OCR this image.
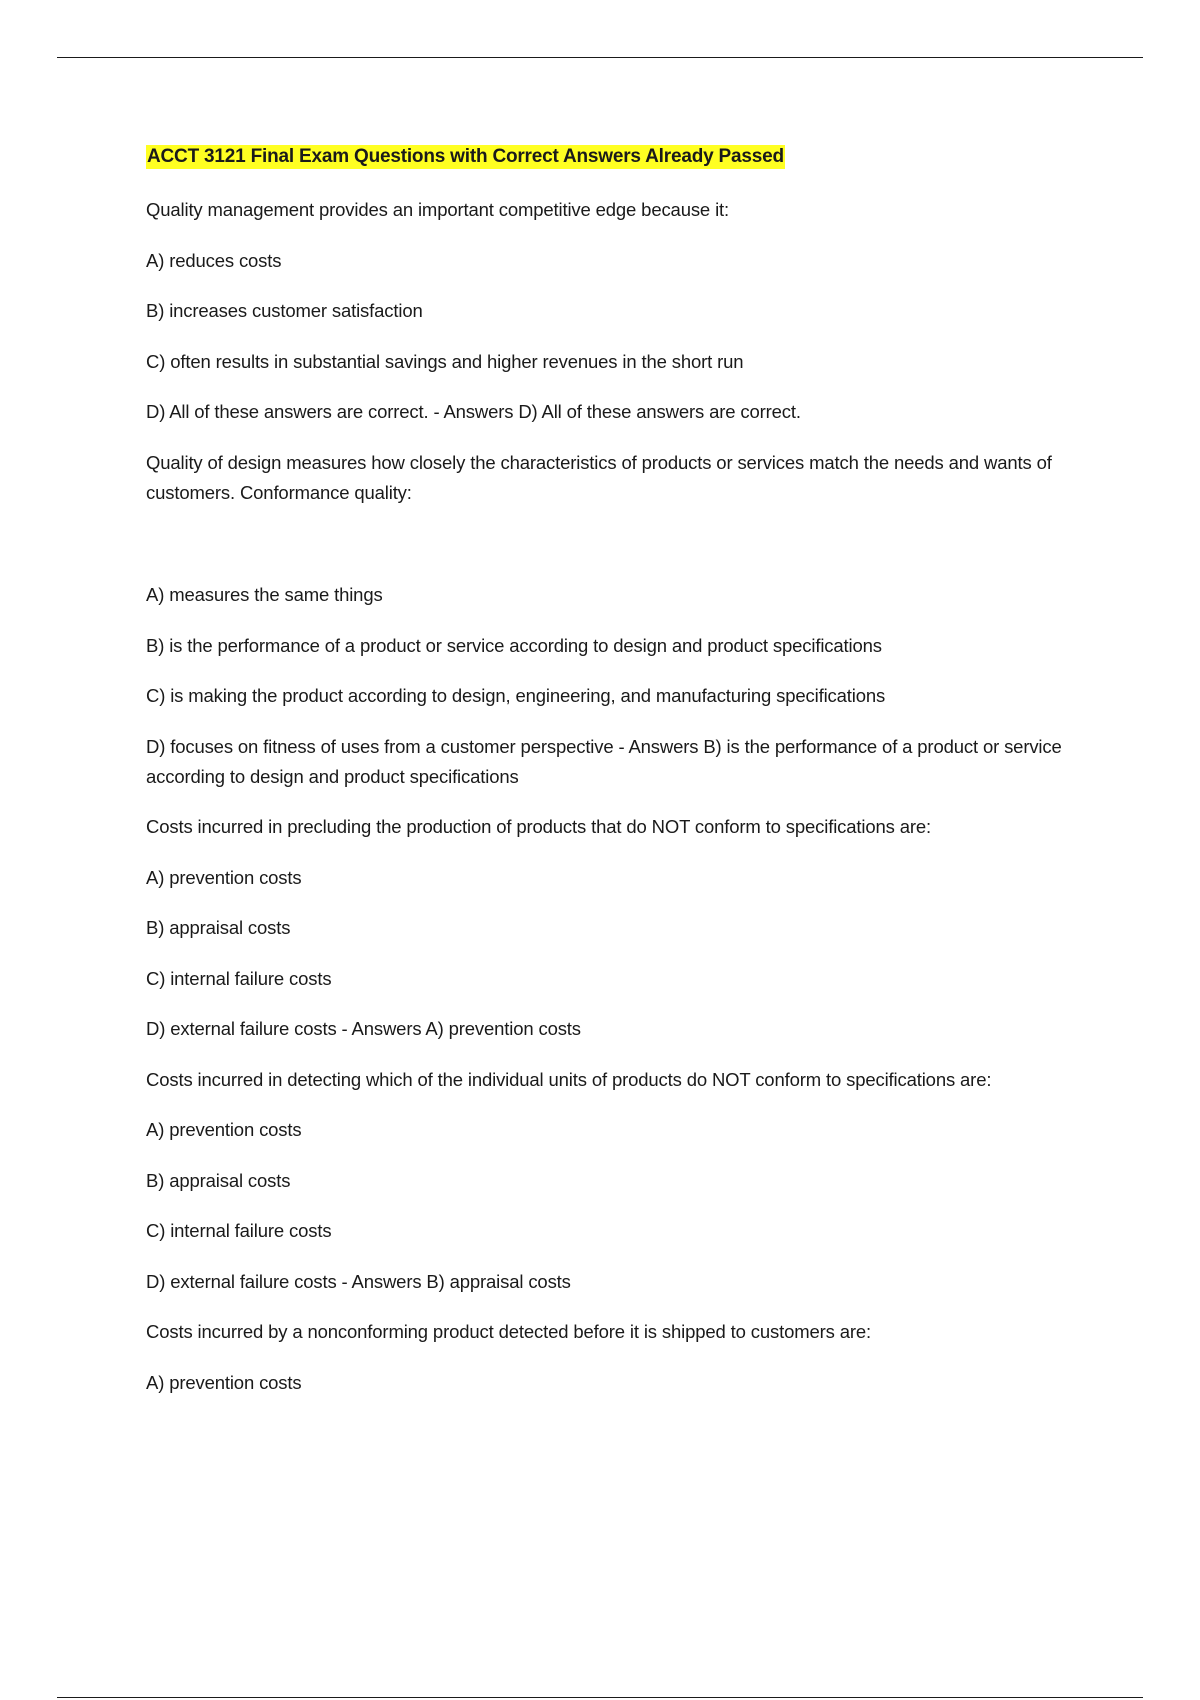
ACCT 3121 Final Exam Questions with Correct Answers Already Passed

Quality management provides an important competitive edge because it:

A) reduces costs

B) increases customer satisfaction

C) often results in substantial savings and higher revenues in the short run

D) All of these answers are correct. - Answers D) All of these answers are correct.

Quality of design measures how closely the characteristics of products or services match the needs and wants of customers. Conformance quality:

A) measures the same things

B) is the performance of a product or service according to design and product specifications

C) is making the product according to design, engineering, and manufacturing specifications

D) focuses on fitness of uses from a customer perspective - Answers B) is the performance of a product or service according to design and product specifications

Costs incurred in precluding the production of products that do NOT conform to specifications are:

A) prevention costs

B) appraisal costs

C) internal failure costs

D) external failure costs - Answers A) prevention costs

Costs incurred in detecting which of the individual units of products do NOT conform to specifications are:

A) prevention costs

B) appraisal costs

C) internal failure costs

D) external failure costs - Answers B) appraisal costs

Costs incurred by a nonconforming product detected before it is shipped to customers are:

A) prevention costs
